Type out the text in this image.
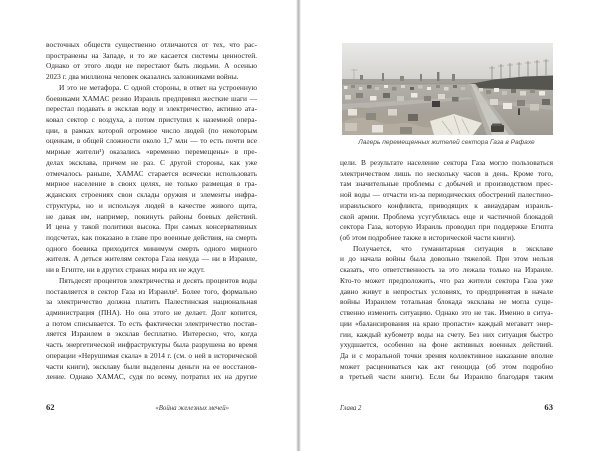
восточных обществ существенно отличаются от тех, что рас-
пространены на Западе, и то же касается системы ценностей.
Однако от этого люди не перестают быть людьми. А осенью
2023 г. два миллиона человек оказались заложниками войны.
И это не метафора. С одной стороны, в ответ на устроенную
боевиками ХАМАС резню Израиль предпринял жесткие шаги —
перестал подавать в эксклав воду и электричество, активно ата-
ковал сектор с воздуха, а потом приступил к наземной опера-
ции, в рамках которой огромное число людей (по некоторым
оценкам, в общей сложности около 1,7 млн — то есть почти все
мирные жители¹) оказались «временно перемещены» в пре-
делах эксклава, причем не раз. С другой стороны, как уже
отмечалось раньше, ХАМАС старается всячески использовать
мирное население в своих целях, не только размещая в гра-
жданских строениях свои склады оружия и элементы инфра-
структуры, но и используя людей в качестве живого щита,
не давая им, например, покинуть районы боевых действий.
И цена у такой политики высока. При самых консервативных
подсчетах, как показано в главе про военные действия, на смерть
одного боевика приходится минимум смерть одного мирного
жителя. А деться жителям сектора Газа некуда — ни в Израиле,
ни в Египте, ни в других странах мира их не ждут.
Пятьдесят процентов электричества и десять процентов воды
поставляется в сектор Газа из Израиля². Более того, формально
за электричество должна платить Палестинская национальная
администрация (ПНА). Но она этого не делает. Долг копится,
а потом списывается. То есть фактически электричество постав-
ляется Израилем в эксклав бесплатно. Интересно, что, когда
часть энергетической инфраструктуры была разрушена во время
операции «Нерушимая скала» в 2014 г. (см. о ней в исторической
части книги), эксклаву были выделены деньги на ее восстанов-
ление. Однако ХАМАС, судя по всему, потратил их на другие
62	«Война железных мечей»
Лагерь перемещенных жителей сектора Газа в Рафахе
цели. В результате население сектора Газа могло пользоваться
электричеством лишь по нескольку часов в день. Кроме того,
там значительные проблемы с добычей и производством прес-
ной воды — отчасти из-за периодических обострений палестино-
израильского конфликта, приводящих к авиаударам израиль-
ской армии. Проблема усугублялась еще и частичной блокадой
сектора Газа, которую Израиль проводил при поддержке Египта
(об этом подробнее также в исторической части книги).
Получается, что гуманитарная ситуация в эксклаве
и до начала войны была довольно тяжелой. При этом нельзя
сказать, что ответственность за это лежала только на Израиле.
Кто-то может предположить, что раз жители сектора Газа уже
давно живут в непростых условиях, то предпринятая в начале
войны Израилем тотальная блокада эксклава не могла суще-
ственно изменить ситуацию. Однако это не так. Именно в ситуа-
ции «балансирования на краю пропасти» каждый мегаватт энер-
гии, каждый кубометр воды на счету. Без них ситуация быстро
ухудшается, особенно на фоне активных военных действий.
Да и с моральной точки зрения коллективное наказание вполне
может расцениваться как акт геноцида (об этом подробно
в третьей части книги). Если бы Израилю благодаря таким
Глава 2	63
